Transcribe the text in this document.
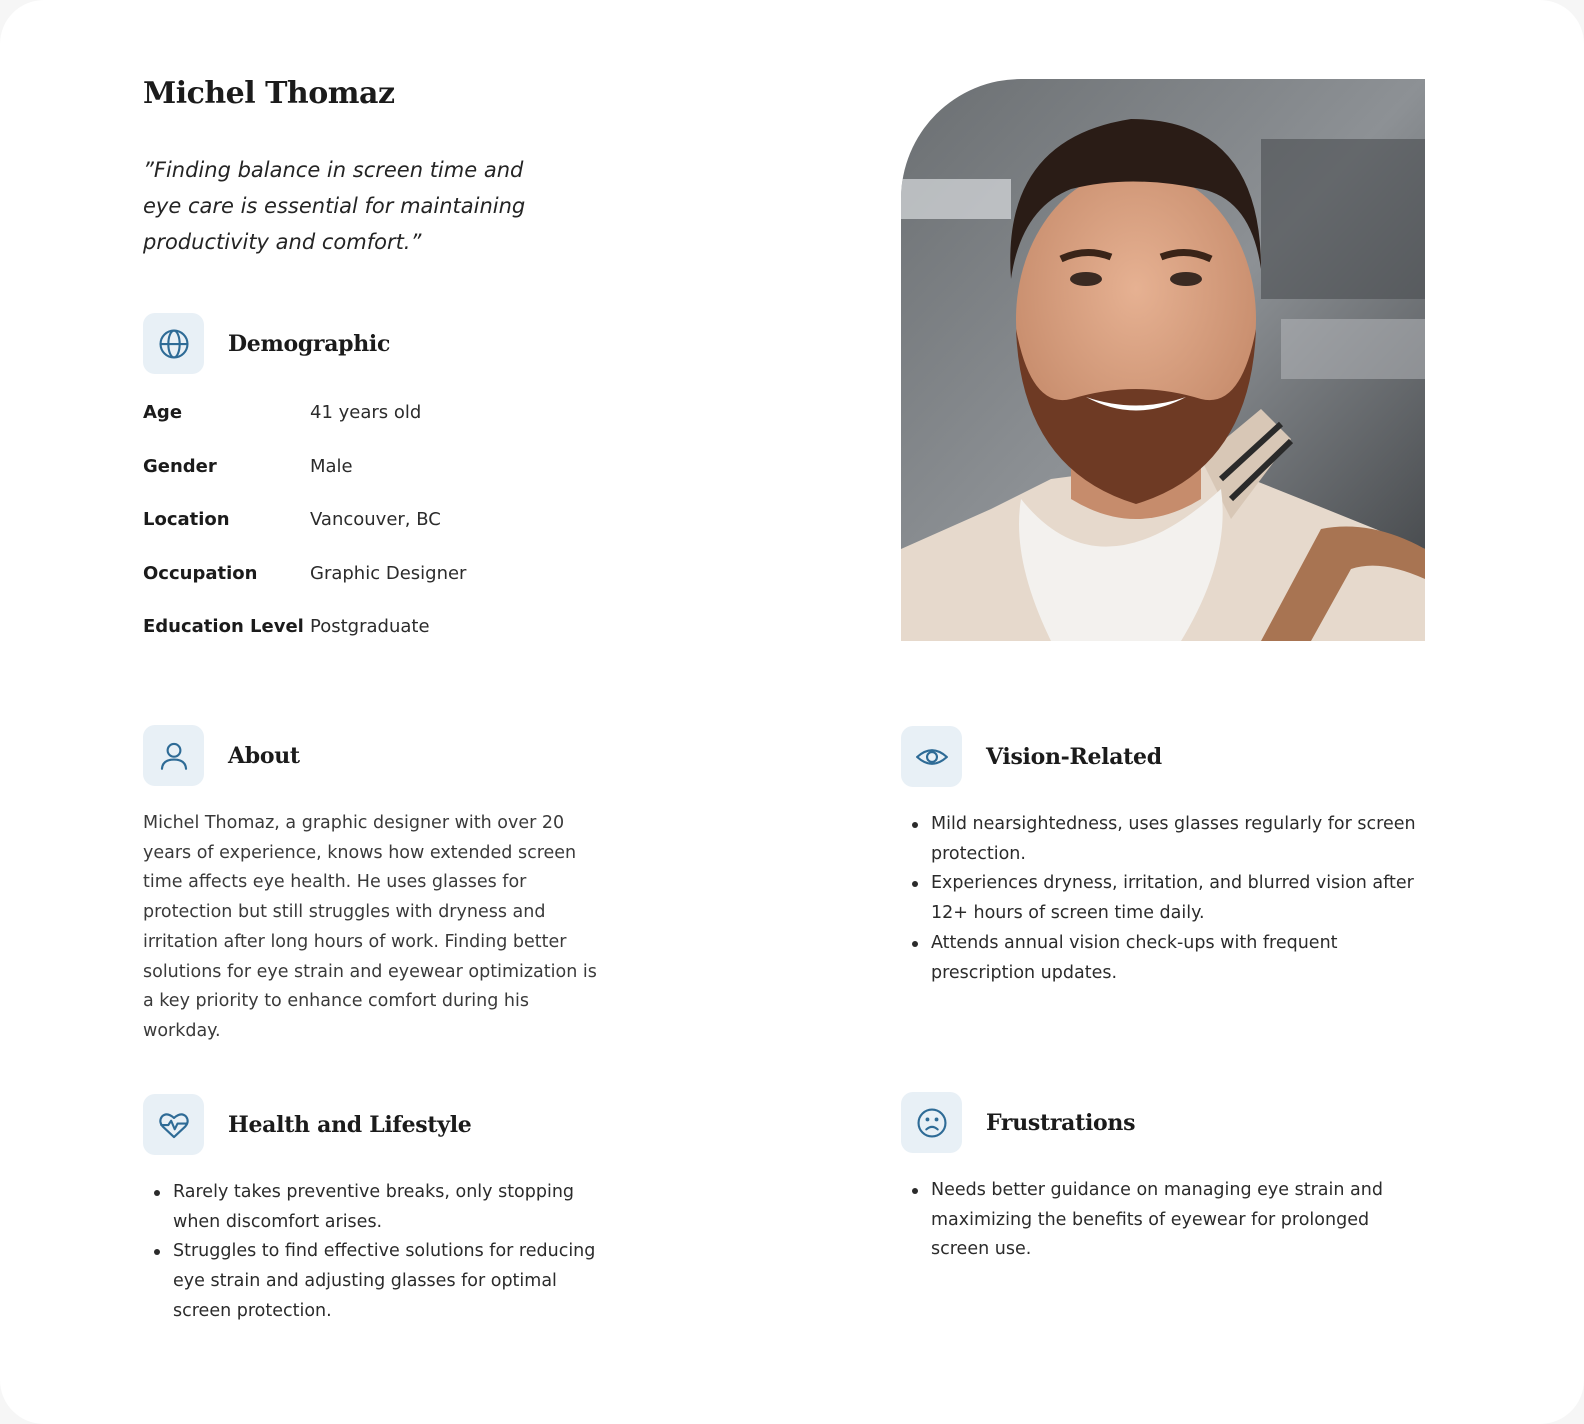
Michel Thomaz

”Finding balance in screen time and eye care is essential for maintaining productivity and comfort.”

Demographic
Age	41 years old
Gender	Male
Location	Vancouver, BC
Occupation	Graphic Designer
Education Level	Postgraduate
About

Michel Thomaz, a graphic designer with over 20 years of experience, knows how extended screen time affects eye health. He uses glasses for protection but still struggles with dryness and irritation after long hours of work. Finding better solutions for eye strain and eyewear optimization is a key priority to enhance comfort during his workday.

Vision-Related
Mild nearsightedness, uses glasses regularly for screen protection.
Experiences dryness, irritation, and blurred vision after 12+ hours of screen time daily.
Attends annual vision check-ups with frequent prescription updates.
Health and Lifestyle
Rarely takes preventive breaks, only stopping when discomfort arises.
Struggles to find effective solutions for reducing eye strain and adjusting glasses for optimal screen protection.
Frustrations
Needs better guidance on managing eye strain and maximizing the benefits of eyewear for prolonged screen use.
